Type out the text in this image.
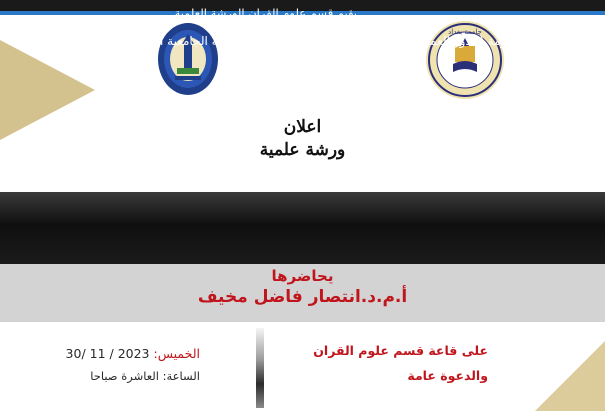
جامعة بغداد
اعلان
ورشة علمية
يقيم قسم علوم القران الورشة العلمية
الموسومة (( دور العمل التطوعي في خدمة المجتمع طلبة المرحلة الجامعية انموذجا))
يحاضرها
أ.م.د.انتصار فاضل مخيف
الخميس: 30/ 11 / 2023
الساعة: العاشرة صباحا
على قاعة قسم علوم القران
والدعوة عامة
